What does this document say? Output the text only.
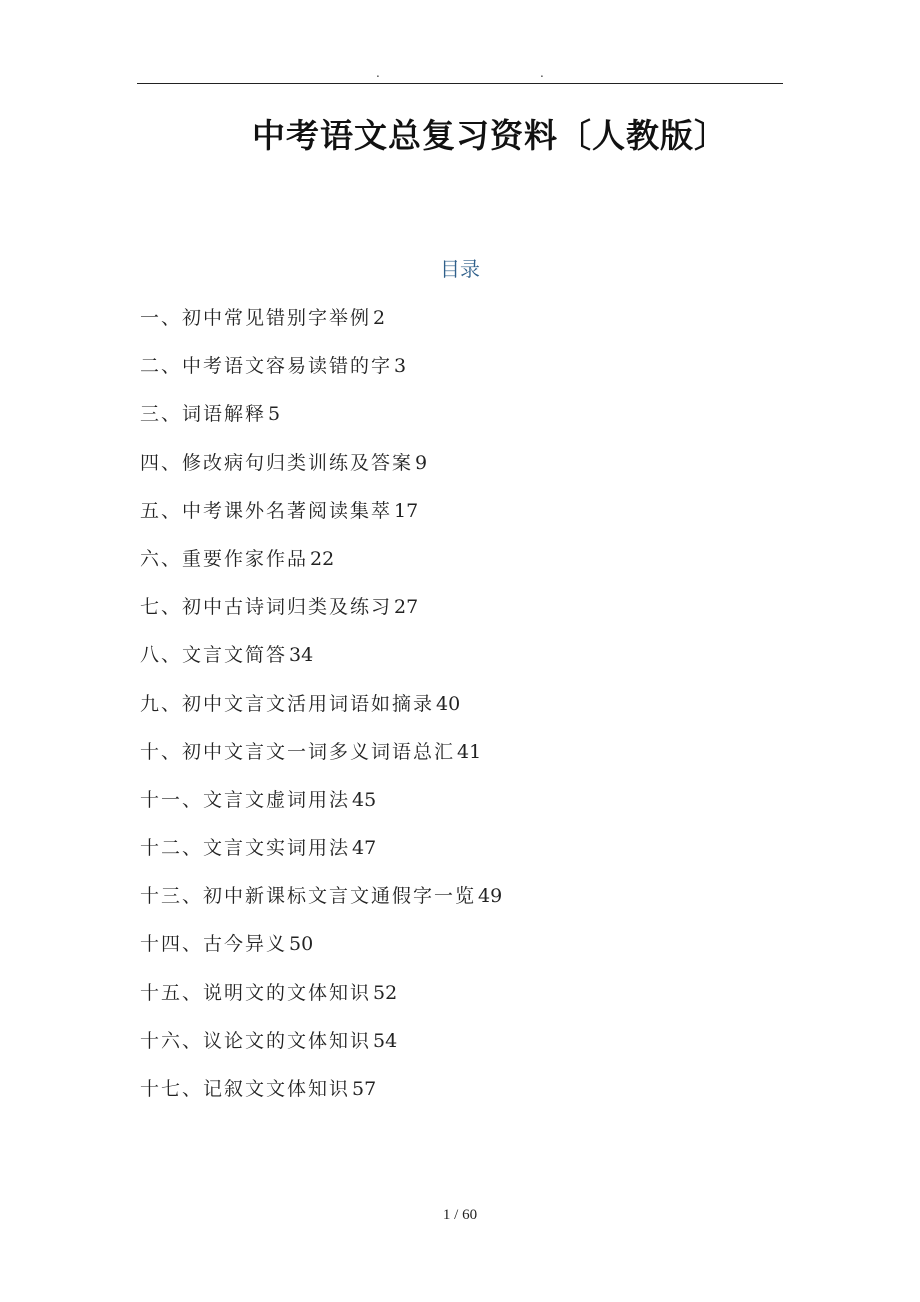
.	.
中考语文总复习资料〔人教版〕
目录
一、初中常见错别字举例 2
二、中考语文容易读错的字 3
三、词语解释 5
四、修改病句归类训练及答案 9
五、中考课外名著阅读集萃 17
六、重要作家作品 22
七、初中古诗词归类及练习 27
八、文言文简答 34
九、初中文言文活用词语如摘录 40
十、初中文言文一词多义词语总汇 41
十一、文言文虚词用法 45
十二、文言文实词用法 47
十三、初中新课标文言文通假字一览 49
十四、古今异义 50
十五、说明文的文体知识 52
十六、议论文的文体知识 54
十七、记叙文文体知识 57
1 / 60
